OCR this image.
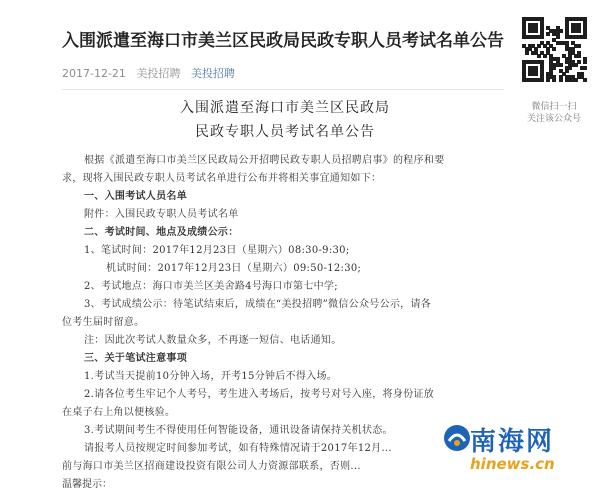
入围派遣至海口市美兰区民政局民政专职人员考试名单公告
2017-12-21 美投招聘 美投招聘
微信扫一扫
关注该公众号
入围派遣至海口市美兰区民政局
民政专职人员考试名单公告

根据《派遣至海口市美兰区民政局公开招聘民政专职人员招聘启事》的程序和要

求，现将入围民政专职人员考试名单进行公布并将相关事宜通知如下：

一、入围考试人员名单

附件：入围民政专职人员考试名单

二、考试时间、地点及成绩公示：

1、笔试时间：2017年12月23日（星期六）08:30-9:30;

机试时间：2017年12月23日（星期六）09:50-12:30;

2、考试地点：海口市美兰区美舍路4号海口市第七中学;

3、考试成绩公示：待笔试结束后，成绩在“美投招聘”微信公众号公示，请各

位考生届时留意。

注：因此次考试人数量众多，不再逐一短信、电话通知。

三、关于笔试注意事项

1.考试当天提前10分钟入场，开考15分钟后不得入场。

2.请各位考生牢记个人考号，考生进入考场后，按考号对号入座，将身份证放

在桌子右上角以便核验。

3.考试期间考生不得使用任何智能设备，通讯设备请保持关机状态。

请报考人员按规定时间参加考试，如有特殊情况请于2017年12月...

前与海口市美兰区招商建设投资有限公司人力资源部联系，否则...

温馨提示：
南海网
hinews.cn
